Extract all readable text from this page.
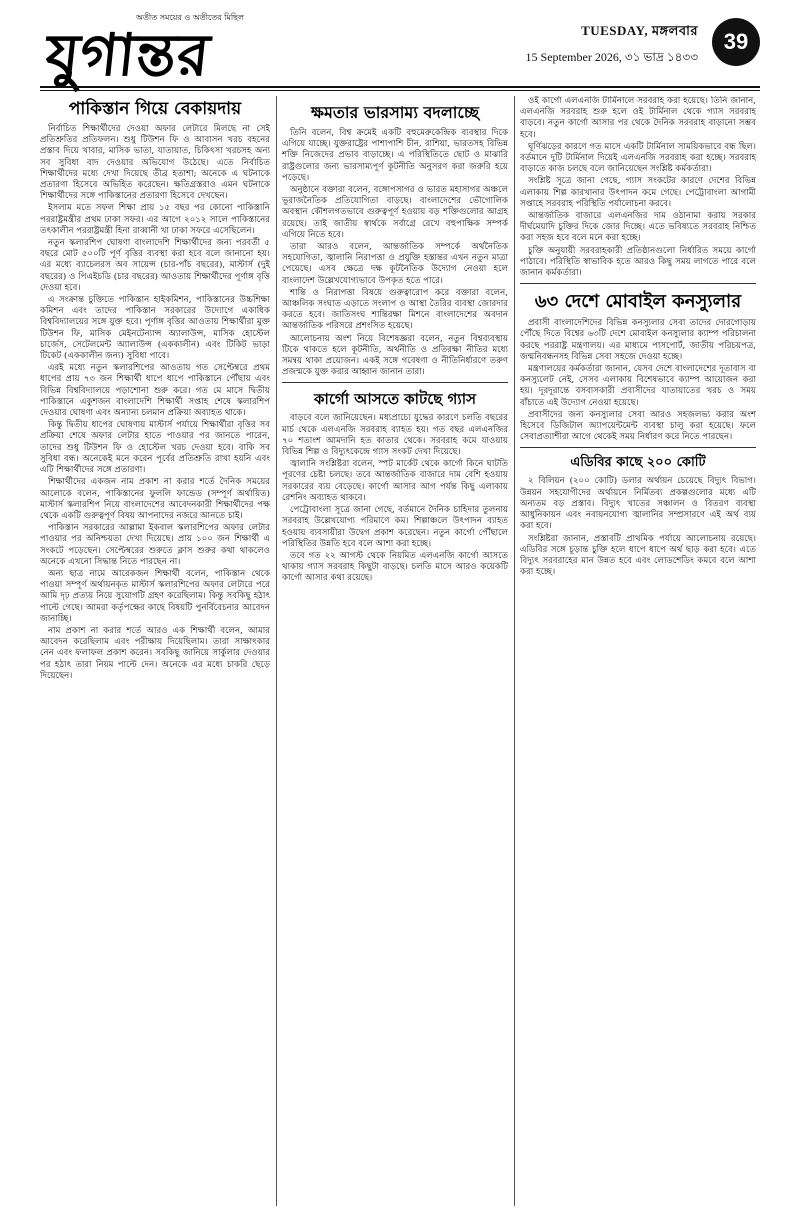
অতীত সময়ের ও অতীতের মিছিল
যুগান্তর	TUESDAY, মঙ্গলবার
15 September 2026, ৩১ ভাদ্র ১৪৩৩
39
পাকিস্তান গিয়ে বেকায়দায়

নির্বাচিত শিক্ষার্থীদের দেওয়া অফার লেটারে মিলছে না সেই প্রতিশ্রুতির প্রতিফলন। শুধু টিউশন ফি ও আবাসন খরচ বহনের প্রস্তাব দিয়ে খাবার, মাসিক ভাতা, যাতায়াত, চিকিৎসা খরচসহ অন্য সব সুবিধা বাদ দেওয়ার অভিযোগ উঠেছে। এতে নির্বাচিত শিক্ষার্থীদের মধ্যে দেখা দিয়েছে তীব্র হতাশা; অনেকে এ ঘটনাকে প্রতারণা হিসেবে অভিহিত করেছেন। ক্ষতিগ্রস্তরাও এমন ঘটনাকে শিক্ষার্থীদের সঙ্গে পাকিস্তানের প্রতারণা হিসেবে দেখছেন।

ইসলাম মতে সফল শিক্ষা প্রায় ১৫ বছর পর কোনো পাকিস্তানি পররাষ্ট্রমন্ত্রীর প্রথম ঢাকা সফর। এর আগে ২০১২ সালে পাকিস্তানের তৎকালীন পররাষ্ট্রমন্ত্রী হিনা রাব্বানী খা ঢাকা সফরে এসেছিলেন।

নতুন স্কলারশিপ ঘোষণা বাংলাদেশি শিক্ষার্থীদের জন্য পরবর্তী ৫ বছরে মোট ৫০০টি পূর্ণ বৃত্তির ব্যবস্থা করা হবে বলে জানানো হয়। এর মধ্যে ব্যাচেলরস অব সায়েন্স (চার-পাঁচ বছরের), মাস্টার্স (দুই বছরের) ও পিএইচডি (চার বছরের) আওতায় শিক্ষার্থীদের পূর্ণাঙ্গ বৃত্তি দেওয়া হবে।

এ সংক্রান্ত চুক্তিতে পাকিস্তান হাইকমিশন, পাকিস্তানের উচ্চশিক্ষা কমিশন এবং তাদের পাকিস্তান সরকারের উদ্যোগে একাধিক বিশ্ববিদ্যালয়ের সঙ্গে যুক্ত হবে। পূর্ণাঙ্গ বৃত্তির আওতায় শিক্ষার্থীরা মুক্ত টিউশন ফি, মাসিক মেইনটেন্যান্স অ্যালাউন্স, মাসিক হোস্টেল চার্জেস, সেটেলমেন্ট অ্যালাউন্স (এককালীন) এবং টিকিট ভাড়া টিকেট (এককালীন জন্য) সুবিধা পাবে।

এরই মধ্যে নতুন স্কলারশিপের আওতায় গত সেপ্টেম্বরে প্রথম ধাপের প্রায় ৭৩ জন শিক্ষার্থী ধাপে ধাপে পাকিস্তানে পৌঁছায় এবং বিভিন্ন বিশ্ববিদ্যালয়ে পড়াশোনা শুরু করে। গত মে মাসে দ্বিতীয় পাকিস্তানে একুশজন বাংলাদেশি শিক্ষার্থী সপ্তাহ শেষে স্কলারশিপ দেওয়ার ঘোষণা এবং অন্যান্য চলমান প্রক্রিয়া অব্যাহত থাকে।

কিন্তু দ্বিতীয় ধাপের ঘোষণায় মাস্টার্স পর্যায়ে শিক্ষার্থীরা বৃত্তির সব প্রক্রিয়া শেষে অফার লেটার হাতে পাওয়ার পর জানতে পারেন, তাদের শুধু টিউশন ফি ও হোস্টেল খরচ দেওয়া হবে। বাকি সব সুবিধা বন্ধ। অনেকেই মনে করেন পূর্বের প্রতিশ্রুতি রাখা হয়নি এবং এটি শিক্ষার্থীদের সঙ্গে প্রতারণা।

শিক্ষার্থীদের একজন নাম প্রকাশ না করার শর্তে দৈনিক সময়ের আলোকে বলেন, পাকিস্তানের ফুললি ফান্ডেড (সম্পূর্ণ অর্থায়িত) মাস্টার্স স্কলারশিপ নিয়ে বাংলাদেশের আবেদনকারী শিক্ষার্থীদের পক্ষ থেকে একটি গুরুত্বপূর্ণ বিষয় আপনাদের নজরে আনতে চাই।

পাকিস্তান সরকারের আল্লামা ইকবাল স্কলারশিপের অফার লেটার পাওয়ার পর অনিশ্চয়তা দেখা দিয়েছে। প্রায় ১০০ জন শিক্ষার্থী এ সংকটে পড়েছেন। সেপ্টেম্বরের শুরুতে ক্লাস শুরুর কথা থাকলেও অনেকে এখনো সিদ্ধান্ত নিতে পারছেন না।

অন্য ছাত্র নামে আরেকজন শিক্ষার্থী বলেন, পাকিস্তান থেকে পাওয়া সম্পূর্ণ অর্থায়নকৃত মাস্টার্স স্কলারশিপের অফার লেটারে পরে আমি দৃঢ় প্রত্যয় নিয়ে সুযোগটি গ্রহণ করেছিলাম। কিন্তু সবকিছু হঠাৎ পাল্টে গেছে। আমরা কর্তৃপক্ষের কাছে বিষয়টি পুনর্বিবেচনার আবেদন জানাচ্ছি।

নাম প্রকাশ না করার শর্তে আরও এক শিক্ষার্থী বলেন, আমার আবেদন করেছিলাম এবং পরীক্ষায় দিয়েছিলাম। তারা সাক্ষাৎকার নেন এবং ফলাফল প্রকাশ করেন। সবকিছু জানিয়ে সার্কুলার দেওয়ার পর হঠাৎ তারা নিয়ম পাল্টে দেন। অনেকে এর মধ্যে চাকরি ছেড়ে দিয়েছেন।

ক্ষমতার ভারসাম্য বদলাচ্ছে

তিনি বলেন, বিশ্ব ক্রমেই একটি বহুমেরুকেন্দ্রিক ব্যবস্থার দিকে এগিয়ে যাচ্ছে। যুক্তরাষ্ট্রের পাশাপাশি চীন, রাশিয়া, ভারতসহ বিভিন্ন শক্তি নিজেদের প্রভাব বাড়াচ্ছে। এ পরিস্থিতিতে ছোট ও মাঝারি রাষ্ট্রগুলোর জন্য ভারসাম্যপূর্ণ কূটনীতি অনুসরণ করা জরুরি হয়ে পড়েছে।

অনুষ্ঠানে বক্তারা বলেন, বঙ্গোপসাগর ও ভারত মহাসাগর অঞ্চলে ভূরাজনৈতিক প্রতিযোগিতা বাড়ছে। বাংলাদেশের ভৌগোলিক অবস্থান কৌশলগতভাবে গুরুত্বপূর্ণ হওয়ায় বড় শক্তিগুলোর আগ্রহ রয়েছে। তাই জাতীয় স্বার্থকে সর্বাগ্রে রেখে বহুপাক্ষিক সম্পর্ক এগিয়ে নিতে হবে।

তারা আরও বলেন, আন্তর্জাতিক সম্পর্কে অর্থনৈতিক সহযোগিতা, জ্বালানি নিরাপত্তা ও প্রযুক্তি হস্তান্তর এখন নতুন মাত্রা পেয়েছে। এসব ক্ষেত্রে দক্ষ কূটনৈতিক উদ্যোগ নেওয়া হলে বাংলাদেশ উল্লেখযোগ্যভাবে উপকৃত হতে পারে।

শান্তি ও নিরাপত্তা বিষয়ে গুরুত্বারোপ করে বক্তারা বলেন, আঞ্চলিক সংঘাত এড়াতে সংলাপ ও আস্থা তৈরির ব্যবস্থা জোরদার করতে হবে। জাতিসংঘ শান্তিরক্ষা মিশনে বাংলাদেশের অবদান আন্তর্জাতিক পরিসরে প্রশংসিত হয়েছে।

আলোচনায় অংশ নিয়ে বিশেষজ্ঞরা বলেন, নতুন বিশ্বব্যবস্থায় টিকে থাকতে হলে কূটনীতি, অর্থনীতি ও প্রতিরক্ষা নীতির মধ্যে সমন্বয় থাকা প্রয়োজন। একই সঙ্গে গবেষণা ও নীতিনির্ধারণে তরুণ প্রজন্মকে যুক্ত করার আহ্বান জানান তারা।

কার্গো আসতে কাটছে গ্যাস

বাড়বে বলে জানিয়েছেন। মধ্যপ্রাচ্যে যুদ্ধের কারণে চলতি বছরের মার্চ থেকে এলএনজি সরবরাহ ব্যাহত হয়। গত বছর এলএনজির ৭০ শতাংশ আমদানি হত কাতার থেকে। সরবরাহ কমে যাওয়ায় বিভিন্ন শিল্প ও বিদ্যুৎকেন্দ্রে গ্যাস সংকট দেখা দিয়েছে।

জ্বালানি সংশ্লিষ্টরা বলেন, স্পট মার্কেট থেকে কার্গো কিনে ঘাটতি পূরণের চেষ্টা চলছে। তবে আন্তর্জাতিক বাজারে দাম বেশি হওয়ায় সরকারের ব্যয় বেড়েছে। কার্গো আসার আগ পর্যন্ত কিছু এলাকায় রেশনিং অব্যাহত থাকবে।

পেট্রোবাংলা সূত্রে জানা গেছে, বর্তমানে দৈনিক চাহিদার তুলনায় সরবরাহ উল্লেখযোগ্য পরিমাণে কম। শিল্পাঞ্চলে উৎপাদন ব্যাহত হওয়ায় ব্যবসায়ীরা উদ্বেগ প্রকাশ করেছেন। নতুন কার্গো পৌঁছালে পরিস্থিতির উন্নতি হবে বলে আশা করা হচ্ছে।

তবে গত ২২ আগস্ট থেকে নিয়মিত এলএনজি কার্গো আসতে থাকায় গ্যাস সরবরাহ কিছুটা বাড়ছে। চলতি মাসে আরও কয়েকটি কার্গো আসার কথা রয়েছে।

ওই কার্গো এলএনজি টার্মিনালে সরবরাহ করা হয়েছে। তিনি জানান, এলএনজি সরবরাহ শুরু হলে ওই টার্মিনাল থেকে গ্যাস সরবরাহ বাড়বে। নতুন কার্গো আসার পর থেকে দৈনিক সরবরাহ বাড়ানো সম্ভব হবে।

ঘূর্ণিঝড়ের কারণে গত মাসে একটি টার্মিনাল সাময়িকভাবে বন্ধ ছিল। বর্তমানে দুটি টার্মিনাল দিয়েই এলএনজি সরবরাহ করা হচ্ছে। সরবরাহ বাড়াতে কাজ চলছে বলে জানিয়েছেন সংশ্লিষ্ট কর্মকর্তারা।

সংশ্লিষ্ট সূত্রে জানা গেছে, গ্যাস সংকটের কারণে দেশের বিভিন্ন এলাকায় শিল্প কারখানার উৎপাদন কমে গেছে। পেট্রোবাংলা আগামী সপ্তাহে সরবরাহ পরিস্থিতি পর্যালোচনা করবে।

আন্তর্জাতিক বাজারে এলএনজির দাম ওঠানামা করায় সরকার দীর্ঘমেয়াদি চুক্তির দিকে জোর দিচ্ছে। এতে ভবিষ্যতে সরবরাহ নিশ্চিত করা সহজ হবে বলে মনে করা হচ্ছে।

চুক্তি অনুযায়ী সরবরাহকারী প্রতিষ্ঠানগুলো নির্ধারিত সময়ে কার্গো পাঠাবে। পরিস্থিতি স্বাভাবিক হতে আরও কিছু সময় লাগতে পারে বলে জানান কর্মকর্তারা।

৬৩ দেশে মোবাইল কনস্যুলার

প্রবাসী বাংলাদেশিদের বিভিন্ন কনস্যুলার সেবা তাদের দোরগোড়ায় পৌঁছে দিতে বিশ্বের ৬৩টি দেশে মোবাইল কনস্যুলার ক্যাম্প পরিচালনা করছে পররাষ্ট্র মন্ত্রণালয়। এর মাধ্যমে পাসপোর্ট, জাতীয় পরিচয়পত্র, জন্মনিবন্ধনসহ বিভিন্ন সেবা সহজে দেওয়া হচ্ছে।

মন্ত্রণালয়ের কর্মকর্তারা জানান, যেসব দেশে বাংলাদেশের দূতাবাস বা কনস্যুলেট নেই, সেসব এলাকায় বিশেষভাবে ক্যাম্প আয়োজন করা হয়। দূরদূরান্তে বসবাসকারী প্রবাসীদের যাতায়াতের খরচ ও সময় বাঁচাতে এই উদ্যোগ নেওয়া হয়েছে।

প্রবাসীদের জন্য কনস্যুলার সেবা আরও সহজলভ্য করার অংশ হিসেবে ডিজিটাল অ্যাপয়েন্টমেন্ট ব্যবস্থা চালু করা হয়েছে। ফলে সেবাপ্রত্যাশীরা আগে থেকেই সময় নির্ধারণ করে নিতে পারছেন।

এডিবির কাছে ২০০ কোটি

২ বিলিয়ন (২০০ কোটি) ডলার অর্থায়ন চেয়েছে বিদ্যুৎ বিভাগ। উন্নয়ন সহযোগীদের অর্থায়নে নির্মিতব্য প্রকল্পগুলোর মধ্যে এটি অন্যতম বড় প্রস্তাব। বিদ্যুৎ খাতের সঞ্চালন ও বিতরণ ব্যবস্থা আধুনিকায়ন এবং নবায়নযোগ্য জ্বালানির সম্প্রসারণে এই অর্থ ব্যয় করা হবে।

সংশ্লিষ্টরা জানান, প্রস্তাবটি প্রাথমিক পর্যায়ে আলোচনায় রয়েছে। এডিবির সঙ্গে চূড়ান্ত চুক্তি হলে ধাপে ধাপে অর্থ ছাড় করা হবে। এতে বিদ্যুৎ সরবরাহের মান উন্নত হবে এবং লোডশেডিং কমবে বলে আশা করা হচ্ছে।
